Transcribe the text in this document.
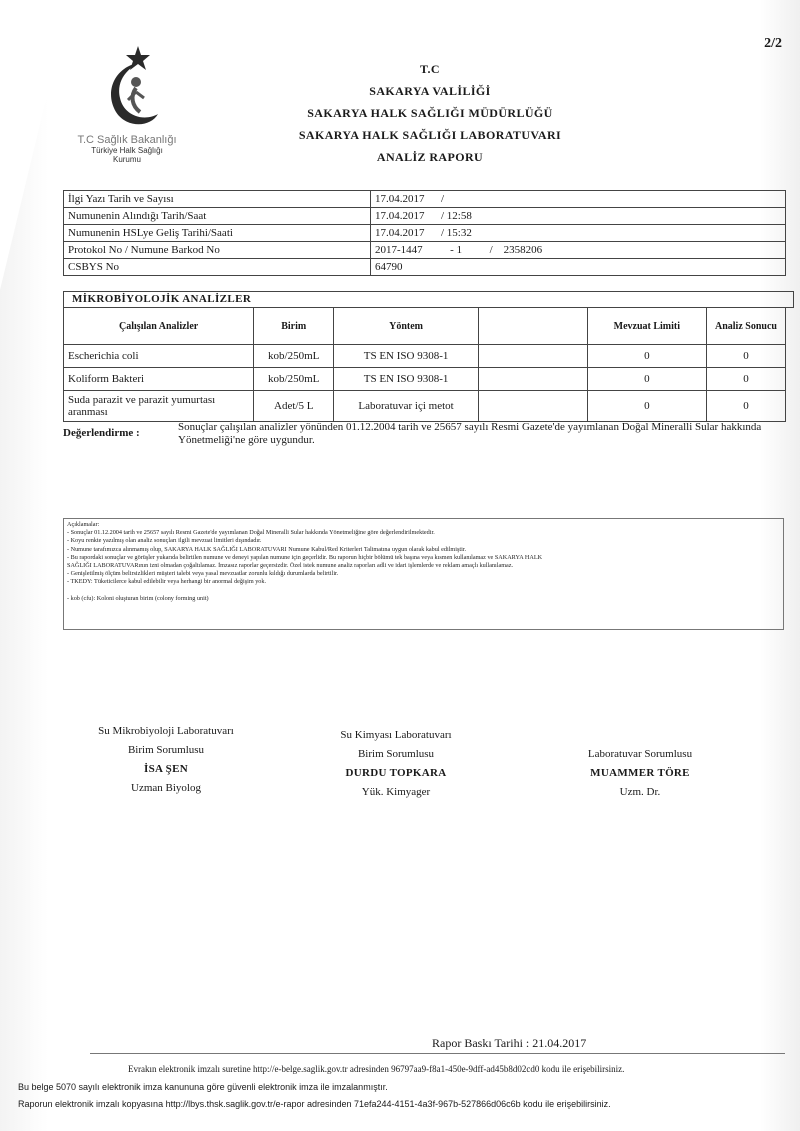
2/2
T.C Sağlık Bakanlığı
Türkiye Halk Sağlığı
Kurumu
T.C
SAKARYA VALİLİĞİ
SAKARYA HALK SAĞLIĞI MÜDÜRLÜĞÜ
SAKARYA HALK SAĞLIĞI LABORATUVARI
ANALİZ RAPORU
İlgi Yazı Tarih ve Sayısı	17.04.2017      /
Numunenin Alındığı Tarih/Saat	17.04.2017      / 12:58
Numunenin HSLye Geliş Tarihi/Saati	17.04.2017      / 15:32
Protokol No / Numune Barkod No	2017-1447          - 1          /    2358206
CSBYS No	64790
MİKROBİYOLOJİK ANALİZLER
Çalışılan Analizler	Birim	Yöntem		Mevzuat Limiti	Analiz Sonucu
Escherichia coli	kob/250mL	TS EN ISO 9308-1		0	0
Koliform Bakteri	kob/250mL	TS EN ISO 9308-1		0	0
Suda parazit ve parazit yumurtası aranması	Adet/5 L	Laboratuvar içi metot		0	0
Değerlendirme :	Sonuçlar çalışılan analizler yönünden 01.12.2004 tarih ve 25657 sayılı Resmi Gazete'de yayımlanan Doğal Mineralli Sular hakkında Yönetmeliği'ne göre uygundur.
Açıklamalar:
- Sonuçlar 01.12.2004 tarih ve 25657 sayılı Resmi Gazete'de yayımlanan Doğal Mineralli Sular hakkında Yönetmeliğine göre değerlendirilmektedir.
- Koyu renkte yazılmış olan analiz sonuçları ilgili mevzuat limitleri dışındadır.
- Numune tarafımızca alınmamış olup, SAKARYA HALK SAĞLIĞI LABORATUVARI Numune Kabul/Red Kriterleri Talimatına uygun olarak kabul edilmiştir.
- Bu rapordaki sonuçlar ve görüşler yukarıda belirtilen numune ve deneyi yapılan numune için geçerlidir. Bu raporun hiçbir bölümü tek başına veya kısmen kullanılamaz ve SAKARYA HALK
SAĞLIĞI LABORATUVARının izni olmadan çoğaltılamaz. İmzasız raporlar geçersizdir. Özel istek numune analiz raporları adli ve idari işlemlerde ve reklam amaçlı kullanılamaz.
- Genişletilmiş ölçüm belirsizlikleri müşteri talebi veya yasal mevzuatlar zorunlu kıldığı durumlarda belirtilir.
- TKEDY: Tüketicilerce kabul edilebilir veya herhangi bir anormal değişim yok.
- kob (cfu): Koloni oluşturan birim (colony forming unit)
Su Mikrobiyoloji Laboratuvarı
Birim Sorumlusu
İSA ŞEN
Uzman Biyolog
Su Kimyası Laboratuvarı
Birim Sorumlusu
DURDU TOPKARA
Yük. Kimyager
Laboratuvar Sorumlusu
MUAMMER TÖRE
Uzm. Dr.
Rapor Baskı Tarihi : 21.04.2017
Evrakın elektronik imzalı suretine http://e-belge.saglik.gov.tr adresinden 96797aa9-f8a1-450e-9dff-ad45b8d02cd0 kodu ile erişebilirsiniz.
Bu belge 5070 sayılı elektronik imza kanununa göre güvenli elektronik imza ile imzalanmıştır.
Raporun elektronik imzalı kopyasına http://lbys.thsk.saglik.gov.tr/e-rapor adresinden 71efa244-4151-4a3f-967b-527866d06c6b kodu ile erişebilirsiniz.
